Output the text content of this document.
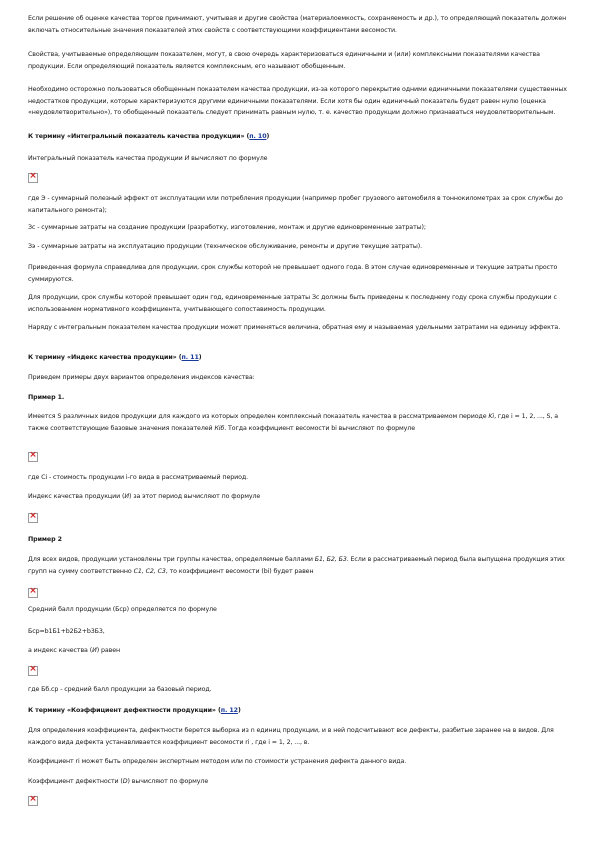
Если решение об оценке качества торгов принимают, учитывая и другие свойства (материалоемкость, сохраняемость и др.), то определяющий показатель должен включать относительные значения показателей этих свойств с соответствующими коэффициентами весомости.

Свойства, учитываемые определяющим показателем, могут, в свою очередь характеризоваться единичными и (или) комплексными показателями качества продукции. Если определяющий показатель является комплексным, его называют обобщенным.

Необходимо осторожно пользоваться обобщенным показателем качества продукции, из-за которого перекрытие одними единичными показателями существенных недостатков продукции, которые характеризуются другими единичными показателями. Если хотя бы один единичный показатель будет равен нулю (оценка «неудовлетворительно»), то обобщенный показатель следует принимать равным нулю, т. е. качество продукции должно признаваться неудовлетворительным.

К термину «Интегральный показатель качества продукции» (п. 10)

Интегральный показатель качества продукции И вычисляют по формуле

×

где Э - суммарный полезный эффект от эксплуатации или потребления продукции (например пробег грузового автомобиля в тоннокилометрах за срок службы до капитального ремонта);

Зс - суммарные затраты на создание продукции (разработку, изготовление, монтаж и другие единовременные затраты);

Зэ - суммарные затраты на эксплуатацию продукции (техническое обслуживание, ремонты и другие текущие затраты).

Приведенная формула справедлива для продукции, срок службы которой не превышает одного года. В этом случае единовременные и текущие затраты просто суммируются.

Для продукции, срок службы которой превышает один год, единовременные затраты Зс должны быть приведены к последнему году срока службы продукции с использованием нормативного коэффициента, учитывающего сопоставимость продукции.

Наряду с интегральным показателем качества продукции может применяться величина, обратная ему и называемая удельными затратами на единицу эффекта.

К термину «Индекс качества продукции» (п. 11)

Приведем примеры двух вариантов определения индексов качества:

Пример 1.

Имеется S различных видов продукции для каждого из которых определен комплексный показатель качества в рассматриваемом периоде Ki, где i = 1, 2, ..., S, а также соответствующие базовые значения показателей Кiб. Тогда коэффициент весомости bi вычисляют по формуле

×

где Сi - стоимость продукции i-го вида в рассматриваемый период.

Индекс качества продукции (И) за этот период вычисляют по формуле

×

Пример 2

Для всех видов, продукции установлены три группы качества, определяемые баллами Б1, Б2, Б3. Если в рассматриваемый период была выпущена продукция этих групп на сумму соответственно С1, С2, С3, то коэффициент весомости (bi) будет равен

×

Средний балл продукции (Бср) определяется по формуле

Бср=b1Б1+b2Б2+b3Б3,

а индекс качества (И) равен

×

где Бб.ср - средний балл продукции за базовый период.

К термину «Коэффициент дефектности продукции» (п. 12)

Для определения коэффициента, дефектности берется выборка из n единиц продукции, и в ней подсчитывают все дефекты, разбитые заранее на в видов. Для каждого вида дефекта устанавливается коэффициент весомости ri , где i = 1, 2, ..., в.

Коэффициент ri может быть определен экспертным методом или по стоимости устранения дефекта данного вида.

Коэффициент дефектности (D) вычисляют по формуле

×
